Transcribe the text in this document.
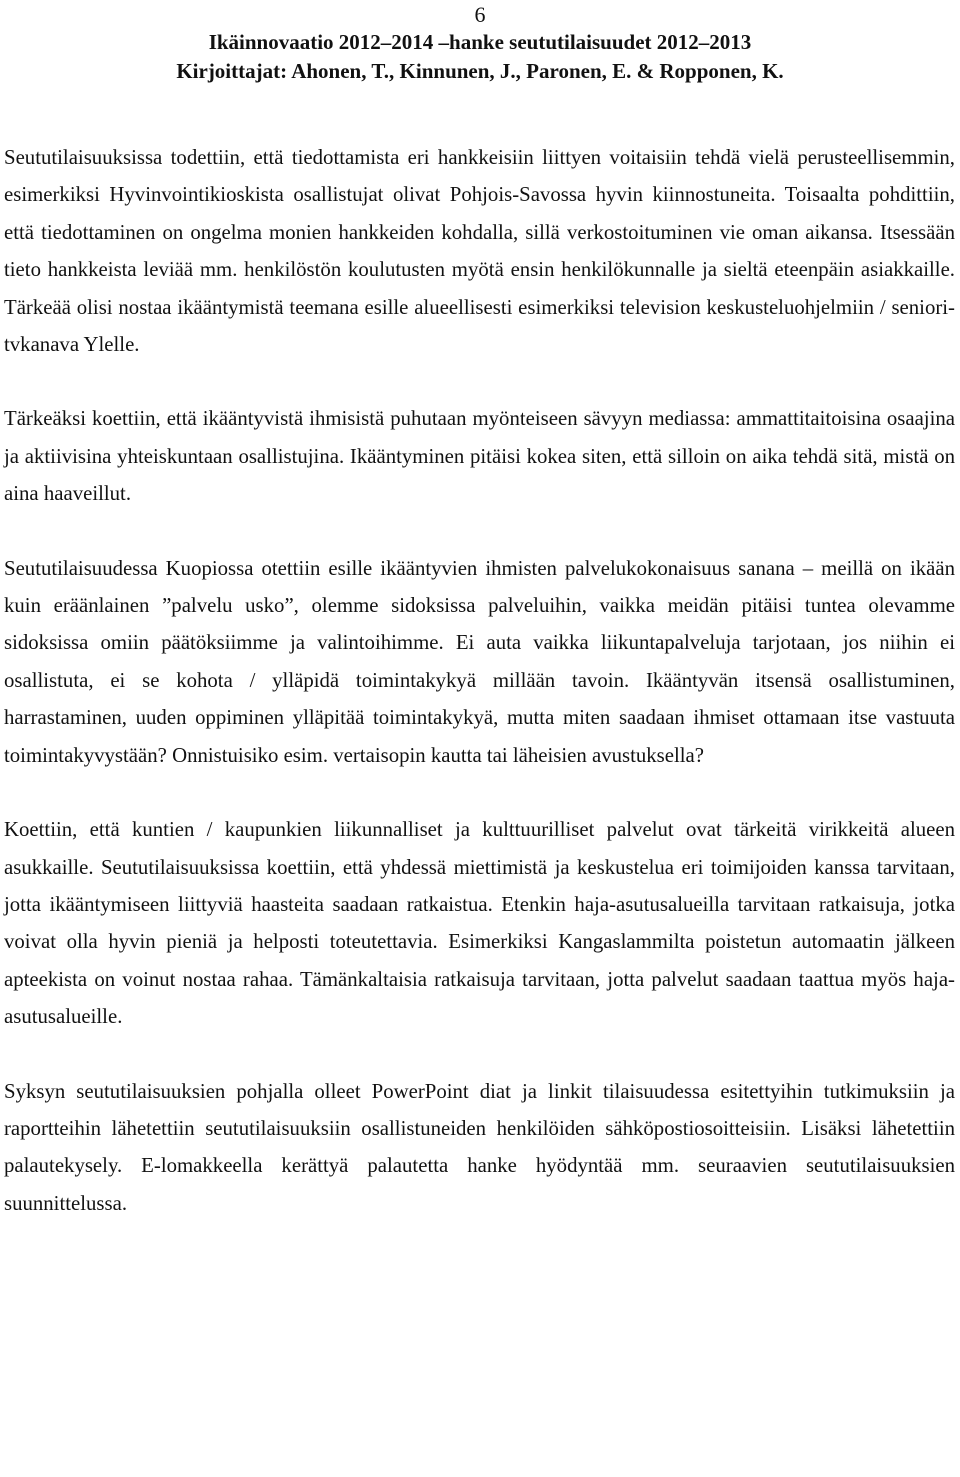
6
Ikäinnovaatio 2012–2014 –hanke seututilaisuudet 2012–2013
Kirjoittajat: Ahonen, T., Kinnunen, J., Paronen, E. & Ropponen, K.

Seututilaisuuksissa todettiin, että tiedottamista eri hankkeisiin liittyen voitaisiin tehdä vielä perusteellisemmin, esimerkiksi Hyvinvointikioskista osallistujat olivat Pohjois-Savossa hyvin kiinnostuneita. Toisaalta pohdittiin, että tiedottaminen on ongelma monien hankkeiden kohdalla, sillä verkostoituminen vie oman aikansa. Itsessään tieto hankkeista leviää mm. henkilöstön koulutusten myötä ensin henkilökunnalle ja sieltä eteenpäin asiakkaille. Tärkeää olisi nostaa ikääntymistä teemana esille alueellisesti esimerkiksi television keskusteluohjelmiin / seniori-tvkanava Ylelle.

Tärkeäksi koettiin, että ikääntyvistä ihmisistä puhutaan myönteiseen sävyyn mediassa: ammattitaitoisina osaajina ja aktiivisina yhteiskuntaan osallistujina. Ikääntyminen pitäisi kokea siten, että silloin on aika tehdä sitä, mistä on aina haaveillut.

Seututilaisuudessa Kuopiossa otettiin esille ikääntyvien ihmisten palvelukokonaisuus sanana – meillä on ikään kuin eräänlainen ”palvelu usko”, olemme sidoksissa palveluihin, vaikka meidän pitäisi tuntea olevamme sidoksissa omiin päätöksiimme ja valintoihimme. Ei auta vaikka liikuntapalveluja tarjotaan, jos niihin ei osallistuta, ei se kohota / ylläpidä toimintakykyä millään tavoin. Ikääntyvän itsensä osallistuminen, harrastaminen, uuden oppiminen ylläpitää toimintakykyä, mutta miten saadaan ihmiset ottamaan itse vastuuta toimintakyvystään? Onnistuisiko esim. vertaisopin kautta tai läheisien avustuksella?

Koettiin, että kuntien / kaupunkien liikunnalliset ja kulttuurilliset palvelut ovat tärkeitä virikkeitä alueen asukkaille. Seututilaisuuksissa koettiin, että yhdessä miettimistä ja keskustelua eri toimijoiden kanssa tarvitaan, jotta ikääntymiseen liittyviä haasteita saadaan ratkaistua. Etenkin haja-asutusalueilla tarvitaan ratkaisuja, jotka voivat olla hyvin pieniä ja helposti toteutettavia. Esimerkiksi Kangaslammilta poistetun automaatin jälkeen apteekista on voinut nostaa rahaa. Tämänkaltaisia ratkaisuja tarvitaan, jotta palvelut saadaan taattua myös haja-asutusalueille.

Syksyn seututilaisuuksien pohjalla olleet PowerPoint diat ja linkit tilaisuudessa esitettyihin tutkimuksiin ja raportteihin lähetettiin seututilaisuuksiin osallistuneiden henkilöiden sähköpostiosoitteisiin. Lisäksi lähetettiin palautekysely. E-lomakkeella kerättyä palautetta hanke hyödyntää mm. seuraavien seututilaisuuksien suunnittelussa.
